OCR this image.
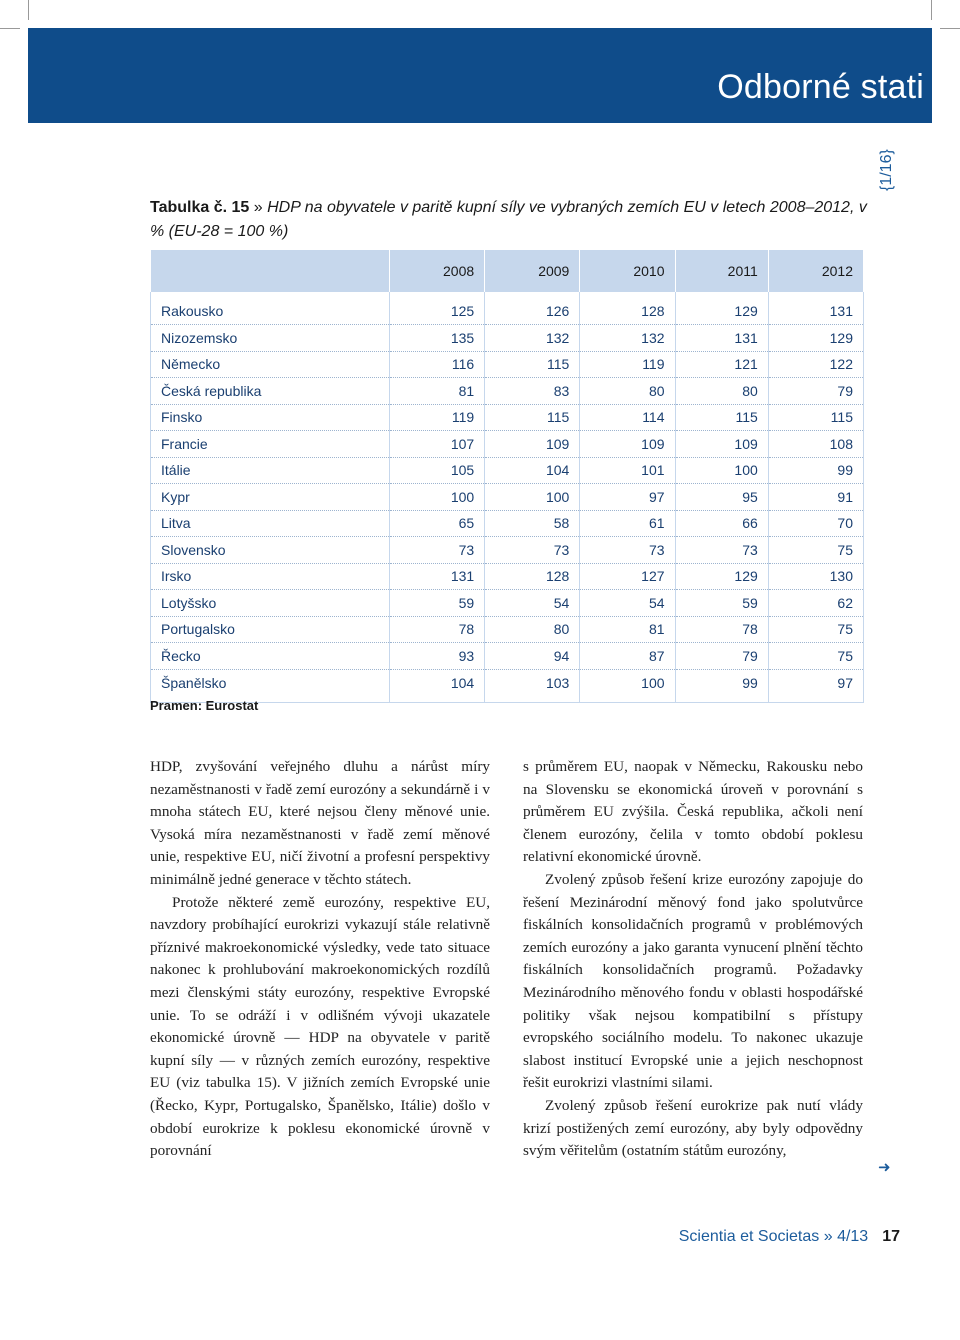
Odborné stati
{1/16}
Tabulka č. 15 » HDP na obyvatele v paritě kupní síly ve vybraných zemích EU v letech 2008–2012, v % (EU-28 = 100 %)
	2008	2009	2010	2011	2012
Rakousko	125	126	128	129	131
Nizozemsko	135	132	132	131	129
Německo	116	115	119	121	122
Česká republika	81	83	80	80	79
Finsko	119	115	114	115	115
Francie	107	109	109	109	108
Itálie	105	104	101	100	99
Kypr	100	100	97	95	91
Litva	65	58	61	66	70
Slovensko	73	73	73	73	75
Irsko	131	128	127	129	130
Lotyšsko	59	54	54	59	62
Portugalsko	78	80	81	78	75
Řecko	93	94	87	79	75
Španělsko	104	103	100	99	97
Pramen: Eurostat

HDP, zvyšování veřejného dluhu a nárůst míry nezaměstnanosti v řadě zemí eurozóny a sekundárně i v mnoha státech EU, které nejsou členy měnové unie. Vysoká míra nezaměstnanosti v řadě zemí měnové unie, respektive EU, ničí životní a profesní perspektivy minimálně jedné generace v těchto státech.

Protože některé země eurozóny, respektive EU, navzdory probíhající eurokrizi vykazují stále relativně příznivé makroekonomické výsledky, vede tato situace nakonec k prohlubování makroekonomických rozdílů mezi členskými státy eurozóny, respektive Evropské unie. To se odráží i v odlišném vývoji ukazatele ekonomické úrovně — HDP na obyvatele v paritě kupní síly — v různých zemích eurozóny, respektive EU (viz tabulka 15). V jižních zemích Evropské unie (Řecko, Kypr, Portugalsko, Španělsko, Itálie) došlo v období eurokrize k poklesu ekonomické úrovně v porovnání

s průměrem EU, naopak v Německu, Rakousku nebo na Slovensku se ekonomická úroveň v porovnání s průměrem EU zvýšila. Česká republika, ačkoli není členem eurozóny, čelila v tomto období poklesu relativní ekonomické úrovně.

Zvolený způsob řešení krize eurozóny zapojuje do řešení Mezinárodní měnový fond jako spolutvůrce fiskálních konsolidačních programů v problémových zemích eurozóny a jako garanta vynucení plnění těchto fiskálních konsolidačních programů. Požadavky Mezinárodního měnového fondu v oblasti hospodářské politiky však nejsou kompatibilní s přístupy evropského sociálního modelu. To nakonec ukazuje slabost institucí Evropské unie a jejich neschopnost řešit eurokrizi vlastními silami.

Zvolený způsob řešení eurokrize pak nutí vlády krizí postižených zemí eurozóny, aby byly odpovědny svým věřitelům (ostatním státům eurozóny,

➜
Scientia et Societas » 4/13 17
